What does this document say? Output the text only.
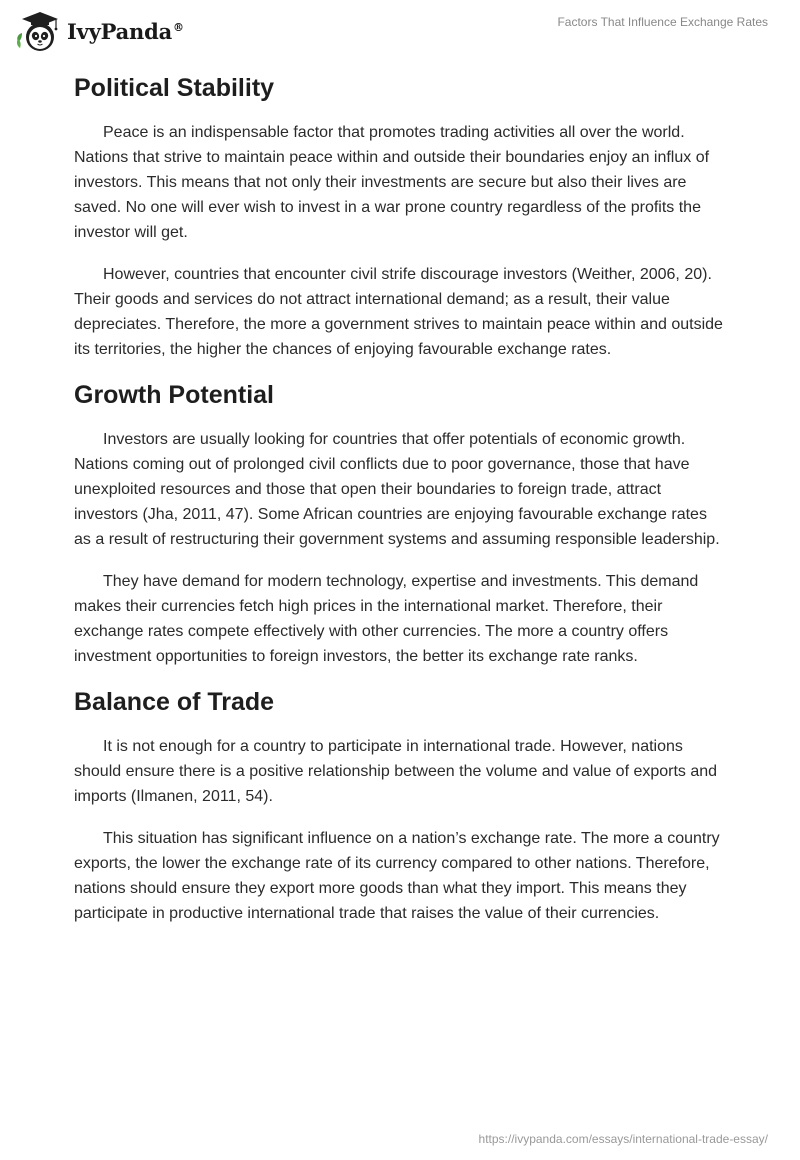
IvyPanda®	Factors That Influence Exchange Rates
Political Stability

Peace is an indispensable factor that promotes trading activities all over the world. Nations that strive to maintain peace within and outside their boundaries enjoy an influx of investors. This means that not only their investments are secure but also their lives are saved. No one will ever wish to invest in a war prone country regardless of the profits the investor will get.

However, countries that encounter civil strife discourage investors (Weither, 2006, 20). Their goods and services do not attract international demand; as a result, their value depreciates. Therefore, the more a government strives to maintain peace within and outside its territories, the higher the chances of enjoying favourable exchange rates.

Growth Potential

Investors are usually looking for countries that offer potentials of economic growth. Nations coming out of prolonged civil conflicts due to poor governance, those that have unexploited resources and those that open their boundaries to foreign trade, attract investors (Jha, 2011, 47). Some African countries are enjoying favourable exchange rates as a result of restructuring their government systems and assuming responsible leadership.

They have demand for modern technology, expertise and investments. This demand makes their currencies fetch high prices in the international market. Therefore, their exchange rates compete effectively with other currencies. The more a country offers investment opportunities to foreign investors, the better its exchange rate ranks.

Balance of Trade

It is not enough for a country to participate in international trade. However, nations should ensure there is a positive relationship between the volume and value of exports and imports (Ilmanen, 2011, 54).

This situation has significant influence on a nation’s exchange rate. The more a country exports, the lower the exchange rate of its currency compared to other nations. Therefore, nations should ensure they export more goods than what they import. This means they participate in productive international trade that raises the value of their currencies.

https://ivypanda.com/essays/international-trade-essay/
